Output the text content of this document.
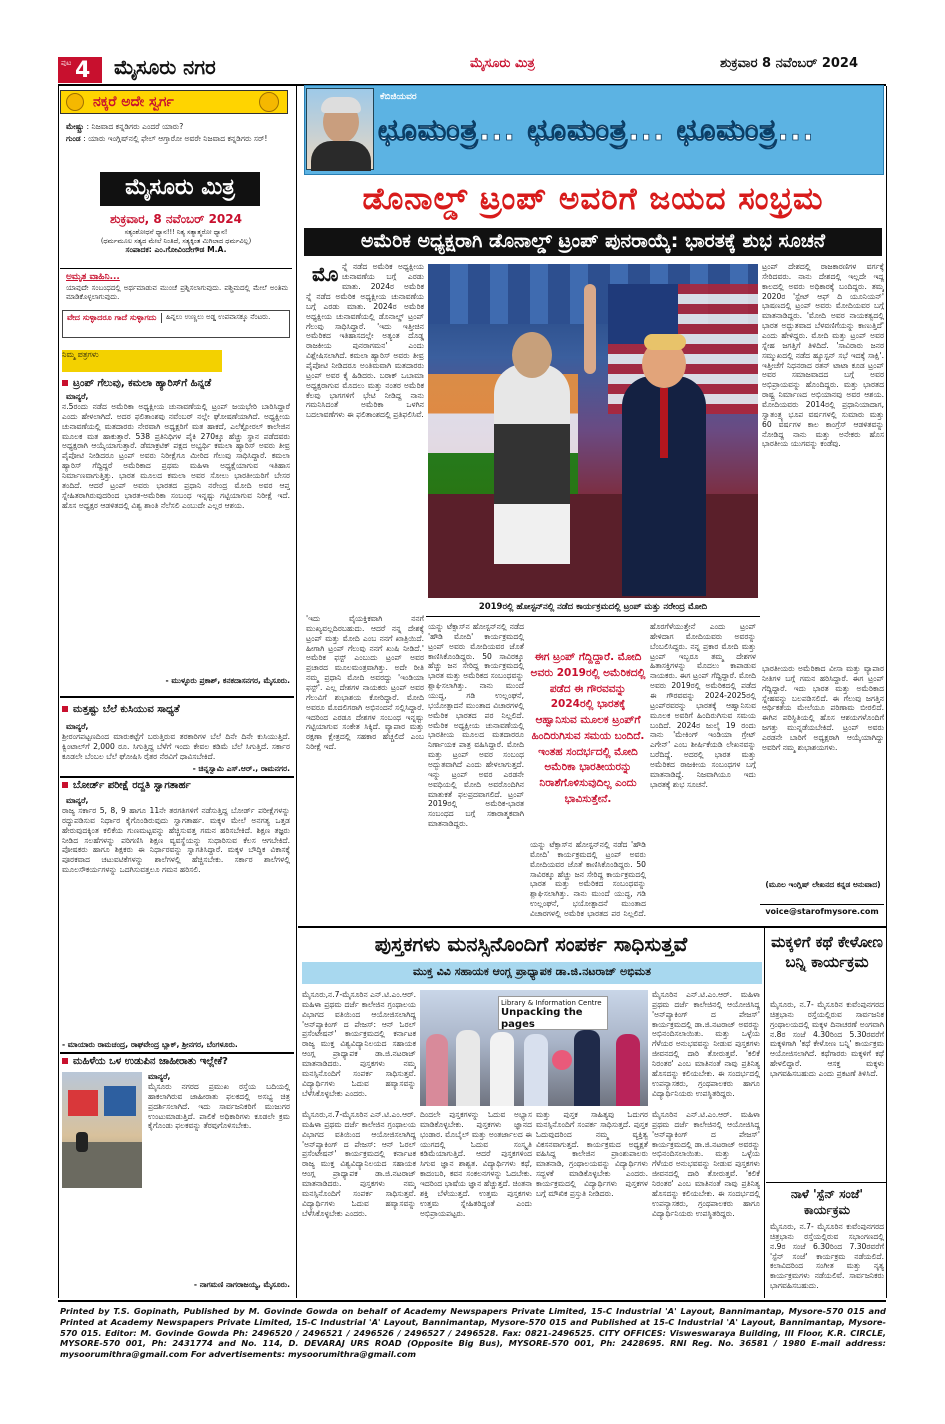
ಪುಟ 4 ಮೈಸೂರು ನಗರ	ಮೈಸೂರು ಮಿತ್ರ	ಶುಕ್ರವಾರ 8 ನವೆಂಬರ್ 2024
ನಕ್ಕರೆ ಅದೇ ಸ್ವರ್ಗ
ಮೇಷ್ಟ್ರು : ನಿಜವಾದ ಕನ್ನಡಿಗರು ಎಂದರೆ ಯಾರು?
ಗುಂಡ : ಯಾರು ಇಂಗ್ಲಿಷ್‌ನಲ್ಲಿ ಫೇಲ್ ಆಗ್ತಾರೋ ಅವರೇ ನಿಜವಾದ ಕನ್ನಡಿಗರು ಸರ್!
ಮೈಸೂರು ಮಿತ್ರ
ಶುಕ್ರವಾರ, 8 ನವೆಂಬರ್ 2024
ಸತ್ಯಂಶೋಧನೆ ಧ್ಯಾನ!!! ನಿತ್ಯ ಸತ್ಯಾತ್ಮರೋ ಧ್ಯಾನ!
(ಧರ್ಮಮೂಲ ಸತ್ಯದ ಮೇಲೆ ನಿಂತಿದೆ, ಸತ್ಯಕ್ಕಿಂತ ಮಿಗಿಲಾದ ಧರ್ಮವಿಲ್ಲ)
ಸಂಪಾದಕ: ಎಂ.ಗೋವಿಂದೇಗೌಡ M.A.
ಅಮೃತ ವಾಹಿನಿ...
ಯಾವುದೇ ಸಂಬಂಧದಲ್ಲಿ ಅರ್ಥಮಾಡುವ ಮುಂಚೆ ಪ್ರಶ್ನಿಸಲಾಗುವುದು. ಪಶ್ಚಿಮದಲ್ಲಿ ಮೇಲೆ ಅಂತಿಮ ಮಾಡಿಕೊಳ್ಳಲಾಗುವುದು.
ವೇದ ಸುಳ್ಳಾದರೂ ಗಾದೆ ಸುಳ್ಳಾಗದು	ಹಿನ್ನಲು ಉಣ್ಣಲು ಅಡ್ಡ ಉಪವಾಸಕ್ಕೂ ನೆಂಟರು.
ನಿಮ್ಮ ಪತ್ರಗಳು
ಟ್ರಂಪ್ ಗೆಲುವು, ಕಮಲಾ ಹ್ಯಾರಿಸ್‌ಗೆ ಹಿನ್ನಡೆ
ಮಾನ್ಯರೆ,
ನ.5ರಂದು ನಡೆದ ಅಮೆರಿಕಾ ಅಧ್ಯಕ್ಷೀಯ ಚುನಾವಣೆಯಲ್ಲಿ ಟ್ರಂಪ್ ಜಯಭೇರಿ ಬಾರಿಸಿದ್ದಾರೆ ಎಂದು ಹೇಳಲಾಗಿದೆ. ಅದರ ಫಲಿತಾಂಶವು ನವೆಂಬರ್ ನಲ್ಲೇ ಘೋಷಣೆಯಾಗಿದೆ. ಅಧ್ಯಕ್ಷೀಯ ಚುನಾವಣೆಯಲ್ಲಿ ಮತದಾರರು ನೇರವಾಗಿ ಅಧ್ಯಕ್ಷರಿಗೆ ಮತ ಹಾಕದೆ, ಎಲೆಕ್ಟೋರಲ್ ಕಾಲೇಜಿನ ಮೂಲಕ ಮತ ಹಾಕುತ್ತಾರೆ. 538 ಪ್ರತಿನಿಧಿಗಳ ಪೈಕಿ 270ಕ್ಕೂ ಹೆಚ್ಚು ಸ್ಥಾನ ಪಡೆದವರು ಅಧ್ಯಕ್ಷರಾಗಿ ಆಯ್ಕೆಯಾಗುತ್ತಾರೆ. ಡೆಮಾಕ್ರಟಿಕ್ ಪಕ್ಷದ ಅಭ್ಯರ್ಥಿ ಕಮಲಾ ಹ್ಯಾರಿಸ್ ಅವರು ತೀವ್ರ ಪೈಪೋಟಿ ನೀಡಿದರೂ ಟ್ರಂಪ್ ಅವರು ನಿರೀಕ್ಷೆಗೂ ಮೀರಿದ ಗೆಲುವು ಸಾಧಿಸಿದ್ದಾರೆ. ಕಮಲಾ ಹ್ಯಾರಿಸ್ ಗೆದ್ದಿದ್ದರೆ ಅಮೆರಿಕಾದ ಪ್ರಥಮ ಮಹಿಳಾ ಅಧ್ಯಕ್ಷೆಯಾಗುವ ಇತಿಹಾಸ ನಿರ್ಮಾಣವಾಗುತ್ತಿತ್ತು. ಭಾರತ ಮೂಲದ ಕಮಲಾ ಅವರ ಸೋಲು ಭಾರತೀಯರಿಗೆ ಬೇಸರ ತಂದಿದೆ. ಆದರೆ ಟ್ರಂಪ್ ಅವರು ಭಾರತದ ಪ್ರಧಾನಿ ನರೇಂದ್ರ ಮೋದಿ ಅವರ ಆಪ್ತ ಸ್ನೇಹಿತರಾಗಿರುವುದರಿಂದ ಭಾರತ-ಅಮೆರಿಕಾ ಸಂಬಂಧ ಇನ್ನಷ್ಟು ಗಟ್ಟಿಯಾಗುವ ನಿರೀಕ್ಷೆ ಇದೆ. ಹೊಸ ಅಧ್ಯಕ್ಷರ ಆಡಳಿತದಲ್ಲಿ ವಿಶ್ವ ಶಾಂತಿ ನೆಲೆಸಲಿ ಎಂಬುದೇ ಎಲ್ಲರ ಆಶಯ.
- ಮುಳ್ಳೂರು ಪ್ರಕಾಶ್, ಕನಕದಾಸನಗರ, ಮೈಸೂರು.
ಮತ್ತಷ್ಟು ಬೆಲೆ ಕುಸಿಯುವ ಸಾಧ್ಯತೆ
ಮಾನ್ಯರೆ,
ಶ್ರೀರಂಗಪಟ್ಟಣದಿಂದ ಮಾರುಕಟ್ಟೆಗೆ ಬರುತ್ತಿರುವ ತರಕಾರಿಗಳ ಬೆಲೆ ದಿನೇ ದಿನೇ ಕುಸಿಯುತ್ತಿದೆ. ಕ್ವಿಂಟಾಲ್‌ಗೆ 2,000 ರೂ. ಸಿಗುತ್ತಿದ್ದ ಬೆಳೆಗೆ ಇಂದು ಕೇವಲ ಕಡಿಮೆ ಬೆಲೆ ಸಿಗುತ್ತಿದೆ. ಸರ್ಕಾರ ಕೂಡಲೇ ಬೆಂಬಲ ಬೆಲೆ ಘೋಷಿಸಿ ರೈತರ ನೆರವಿಗೆ ಧಾವಿಸಬೇಕಿದೆ.
- ಚಿನ್ನಸ್ವಾಮಿ ಎಸ್.ಆರ್., ರಾಮನಗರ.
ಬೋರ್ಡ್ ಪರೀಕ್ಷೆ ರದ್ದತಿ ಸ್ವಾಗತಾರ್ಹ
ಮಾನ್ಯರೆ,
ರಾಜ್ಯ ಸರ್ಕಾರ 5, 8, 9 ಹಾಗೂ 11ನೇ ತರಗತಿಗಳಿಗೆ ನಡೆಸುತ್ತಿದ್ದ ಬೋರ್ಡ್ ಪರೀಕ್ಷೆಗಳನ್ನು ರದ್ದುಪಡಿಸುವ ನಿರ್ಧಾರ ಕೈಗೊಂಡಿರುವುದು ಸ್ವಾಗತಾರ್ಹ. ಮಕ್ಕಳ ಮೇಲೆ ಅನಗತ್ಯ ಒತ್ತಡ ಹೇರುವುದಕ್ಕಿಂತ ಕಲಿಕೆಯ ಗುಣಮಟ್ಟವನ್ನು ಹೆಚ್ಚಿಸುವತ್ತ ಗಮನ ಹರಿಸಬೇಕಿದೆ. ಶಿಕ್ಷಣ ತಜ್ಞರು ನೀಡಿದ ಸಲಹೆಗಳನ್ನು ಪರಿಗಣಿಸಿ ಶಿಕ್ಷಣ ವ್ಯವಸ್ಥೆಯನ್ನು ಸುಧಾರಿಸುವ ಕೆಲಸ ಆಗಬೇಕಿದೆ. ಪೋಷಕರು ಹಾಗೂ ಶಿಕ್ಷಕರು ಈ ನಿರ್ಧಾರವನ್ನು ಸ್ವಾಗತಿಸಿದ್ದಾರೆ. ಮಕ್ಕಳ ಬೌದ್ಧಿಕ ವಿಕಾಸಕ್ಕೆ ಪೂರಕವಾದ ಚಟುವಟಿಕೆಗಳನ್ನು ಶಾಲೆಗಳಲ್ಲಿ ಹೆಚ್ಚಿಸಬೇಕು. ಸರ್ಕಾರ ಶಾಲೆಗಳಲ್ಲಿ ಮೂಲಸೌಕರ್ಯಗಳನ್ನು ಒದಗಿಸುವತ್ತಲೂ ಗಮನ ಹರಿಸಲಿ.
- ಮಾಯಾರು ರಾಮಚಂದ್ರ, ರಾಘವೇಂದ್ರ ಬ್ಲಾಕ್, ಶ್ರೀನಗರ, ಬೆಂಗಳೂರು.
ಮಹಿಳೆಯ ಒಳ ಉಡುಪಿನ ಜಾಹೀರಾತು ಇಲ್ಲೇಕೆ?
ಮಾನ್ಯರೆ,
ಮೈಸೂರು ನಗರದ ಪ್ರಮುಖ ರಸ್ತೆಯ ಬದಿಯಲ್ಲಿ ಹಾಕಲಾಗಿರುವ ಜಾಹೀರಾತು ಫಲಕದಲ್ಲಿ ಅಸಭ್ಯ ಚಿತ್ರ ಪ್ರದರ್ಶಿಸಲಾಗಿದೆ. ಇದು ಸಾರ್ವಜನಿಕರಿಗೆ ಮುಜುಗರ ಉಂಟುಮಾಡುತ್ತಿದೆ. ಪಾಲಿಕೆ ಅಧಿಕಾರಿಗಳು ಕೂಡಲೇ ಕ್ರಮ ಕೈಗೊಂಡು ಫಲಕವನ್ನು ತೆರವುಗೊಳಿಸಬೇಕು.
- ನಾಗಮಣಿ ನಾಗರಾಜಯ್ಯ, ಮೈಸೂರು.
ಕೆಬಿಜಿಯವರ
ಛೂಮಂತ್ರ... ಛೂಮಂತ್ರ... ಛೂಮಂತ್ರ...
ಡೊನಾಲ್ಡ್ ಟ್ರಂಪ್ ಅವರಿಗೆ ಜಯದ ಸಂಭ್ರಮ
ಅಮೆರಿಕ ಅಧ್ಯಕ್ಷರಾಗಿ ಡೊನಾಲ್ಡ್ ಟ್ರಂಪ್ ಪುನರಾಯ್ಕೆ: ಭಾರತಕ್ಕೆ ಶುಭ ಸೂಚನೆ
ಮೊ ನ್ನೆ ನಡೆದ ಅಮೆರಿಕ ಅಧ್ಯಕ್ಷೀಯ ಚುನಾವಣೆಯ ಬಗ್ಗೆ ಎರಡು ಮಾತು. 2024ರ ಅಮೆರಿಕ
ನ್ನೆ ನಡೆದ ಅಮೆರಿಕ ಅಧ್ಯಕ್ಷೀಯ ಚುನಾವಣೆಯ ಬಗ್ಗೆ ಎರಡು ಮಾತು. 2024ರ ಅಮೆರಿಕ ಅಧ್ಯಕ್ಷೀಯ ಚುನಾವಣೆಯಲ್ಲಿ ಡೊನಾಲ್ಡ್ ಟ್ರಂಪ್ ಗೆಲುವು ಸಾಧಿಸಿದ್ದಾರೆ. 'ಇದು ಇತ್ತೀಚಿನ ಅಮೆರಿಕದ ಇತಿಹಾಸದಲ್ಲೇ ಅತ್ಯಂತ ದೊಡ್ಡ ರಾಜಕೀಯ ಪುನರಾಗಮನ' ಎಂದು ವಿಶ್ಲೇಷಿಸಲಾಗಿದೆ. ಕಮಲಾ ಹ್ಯಾರಿಸ್ ಅವರು ತೀವ್ರ ಪೈಪೋಟಿ ನೀಡಿದರೂ ಅಂತಿಮವಾಗಿ ಮತದಾರರು ಟ್ರಂಪ್ ಅವರ ಕೈ ಹಿಡಿದರು. ಬರಾಕ್ ಒಬಾಮಾ ಅಧ್ಯಕ್ಷರಾಗುವ ಮೊದಲು ಮತ್ತು ನಂತರ ಅಮೆರಿಕ ಕೆಲವು ಭಾಗಗಳಿಗೆ ಭೇಟಿ ನೀಡಿದ್ದ ನಾನು ಗಮನಿಸಿದಂತೆ ಅಮೆರಿಕಾ ಒಳಗಿನ ಬದಲಾವಣೆಗಳು ಈ ಫಲಿತಾಂಶದಲ್ಲಿ ಪ್ರತಿಫಲಿಸಿವೆ.
'ಇದು ವೈಯಕ್ತಿಕವಾಗಿ ನನಗೆ ಮುಖ್ಯವಲ್ಲದಿರಬಹುದು. ಆದರೆ ನನ್ನ ದೇಶಕ್ಕೆ ಟ್ರಂಪ್ ಮತ್ತು ಮೋದಿ ಎಂಬ ನನಗೆ ಖಾತ್ರಿಯಿದೆ. ಹೀಗಾಗಿ ಟ್ರಂಪ್ ಗೆಲುವು ನನಗೆ ಖುಷಿ ನೀಡಿದೆ.' ಅಮೆರಿಕ ಫಸ್ಟ್ ಎಂಬುದು ಟ್ರಂಪ್ ಅವರ ಪ್ರಚಾರದ ಮೂಲಮಂತ್ರವಾಗಿತ್ತು. ಅದೇ ರೀತಿ ನಮ್ಮ ಪ್ರಧಾನಿ ಮೋದಿ ಅವರದ್ದು 'ಇಂಡಿಯಾ ಫಸ್ಟ್'. ಎಲ್ಲ ದೇಶಗಳ ನಾಯಕರು ಟ್ರಂಪ್ ಅವರ ಗೆಲುವಿಗೆ ಶುಭಾಶಯ ಕೋರಿದ್ದಾರೆ. ಮೋದಿ ಅವರೂ ಮೊದಲಿಗರಾಗಿ ಅಭಿನಂದನೆ ಸಲ್ಲಿಸಿದ್ದಾರೆ. ಇದರಿಂದ ಎರಡೂ ದೇಶಗಳ ಸಂಬಂಧ ಇನ್ನಷ್ಟು ಗಟ್ಟಿಯಾಗುವ ಸಂಕೇತ ಸಿಕ್ಕಿದೆ. ವ್ಯಾಪಾರ ಮತ್ತು ರಕ್ಷಣಾ ಕ್ಷೇತ್ರದಲ್ಲಿ ಸಹಕಾರ ಹೆಚ್ಚಲಿದೆ ಎಂಬ ನಿರೀಕ್ಷೆ ಇದೆ.
2019ರಲ್ಲಿ ಹೋಸ್ಟನ್‌ನಲ್ಲಿ ನಡೆದ ಕಾರ್ಯಕ್ರಮದಲ್ಲಿ ಟ್ರಂಪ್ ಮತ್ತು ನರೇಂದ್ರ ಮೋದಿ
ಯನ್ನು ಟೆಕ್ಸಾಸ್‌ನ ಹೋಸ್ಟನ್‌ನಲ್ಲಿ ನಡೆದ 'ಹೌಡಿ ಮೋದಿ' ಕಾರ್ಯಕ್ರಮದಲ್ಲಿ ಟ್ರಂಪ್ ಅವರು ಮೋದಿಯವರ ಜೊತೆ ಕಾಣಿಸಿಕೊಂಡಿದ್ದರು. 50 ಸಾವಿರಕ್ಕೂ ಹೆಚ್ಚು ಜನ ಸೇರಿದ್ದ ಕಾರ್ಯಕ್ರಮದಲ್ಲಿ ಭಾರತ ಮತ್ತು ಅಮೆರಿಕದ ಸಂಬಂಧವನ್ನು ಶ್ಲಾಘಿಸಲಾಗಿತ್ತು. ನಾನು ಮುಂದೆ ಯುದ್ಧ, ಗಡಿ ಉಲ್ಲಂಘನೆ, ಭಯೋತ್ಪಾದನೆ ಮುಂತಾದ ವಿಚಾರಗಳಲ್ಲಿ ಅಮೆರಿಕ ಭಾರತದ ಪರ ನಿಲ್ಲಲಿದೆ. ಅಮೆರಿಕ ಅಧ್ಯಕ್ಷೀಯ ಚುನಾವಣೆಯಲ್ಲಿ ಭಾರತೀಯ ಮೂಲದ ಮತದಾರರೂ ನಿರ್ಣಾಯಕ ಪಾತ್ರ ವಹಿಸಿದ್ದಾರೆ. ಮೋದಿ ಮತ್ತು ಟ್ರಂಪ್ ಅವರ ಸಂಬಂಧ ಅದ್ಭುತವಾಗಿದೆ ಎಂದು ಹೇಳಲಾಗುತ್ತದೆ. ಇನ್ನು ಟ್ರಂಪ್ ಅವರ ಎರಡನೇ ಅವಧಿಯಲ್ಲಿ ಮೋದಿ ಅವರೊಂದಿಗಿನ ಮಾತುಕತೆ ಫಲಪ್ರದವಾಗಲಿದೆ. ಟ್ರಂಪ್ 2019ರಲ್ಲಿ ಅಮೆರಿಕ-ಭಾರತ ಸಂಬಂಧದ ಬಗ್ಗೆ ಸಕಾರಾತ್ಮಕವಾಗಿ ಮಾತನಾಡಿದ್ದರು.
ಈಗ ಟ್ರಂಪ್ ಗೆದ್ದಿದ್ದಾರೆ. ಮೋದಿ ಅವರು 2019ರಲ್ಲಿ ಅಮೆರಿಕದಲ್ಲಿ ಪಡೆದ ಈ ಗೌರವವನ್ನು 2024ರಲ್ಲಿ ಭಾರತಕ್ಕೆ ಆಹ್ವಾನಿಸುವ ಮೂಲಕ ಟ್ರಂಪ್‌ಗೆ ಹಿಂದಿರುಗಿಸುವ ಸಮಯ ಬಂದಿದೆ. ಇಂತಹ ಸಂದರ್ಭದಲ್ಲಿ ಮೋದಿ ಅಮೆರಿಕಾ ಭಾರತೀಯರನ್ನು ನಿರಾಶೆಗೊಳಿಸುವುದಿಲ್ಲ ಎಂದು ಭಾವಿಸುತ್ತೇನೆ.
ಯನ್ನು ಟೆಕ್ಸಾಸ್‌ನ ಹೋಸ್ಟನ್‌ನಲ್ಲಿ ನಡೆದ 'ಹೌಡಿ ಮೋದಿ' ಕಾರ್ಯಕ್ರಮದಲ್ಲಿ ಟ್ರಂಪ್ ಅವರು ಮೋದಿಯವರ ಜೊತೆ ಕಾಣಿಸಿಕೊಂಡಿದ್ದರು. 50 ಸಾವಿರಕ್ಕೂ ಹೆಚ್ಚು ಜನ ಸೇರಿದ್ದ ಕಾರ್ಯಕ್ರಮದಲ್ಲಿ ಭಾರತ ಮತ್ತು ಅಮೆರಿಕದ ಸಂಬಂಧವನ್ನು ಶ್ಲಾಘಿಸಲಾಗಿತ್ತು. ನಾನು ಮುಂದೆ ಯುದ್ಧ, ಗಡಿ ಉಲ್ಲಂಘನೆ, ಭಯೋತ್ಪಾದನೆ ಮುಂತಾದ ವಿಚಾರಗಳಲ್ಲಿ ಅಮೆರಿಕ ಭಾರತದ ಪರ ನಿಲ್ಲಲಿದೆ.
ಹೊರಗೆಳೆಯುತ್ತೇನೆ ಎಂದು ಟ್ರಂಪ್ ಹೇಳಿದಾಗ ಮೋದಿಯವರು ಅವರನ್ನು ಬೆಂಬಲಿಸಿದ್ದರು. ನನ್ನ ಪ್ರಕಾರ ಮೋದಿ ಮತ್ತು ಟ್ರಂಪ್ ಇಬ್ಬರೂ ತಮ್ಮ ದೇಶಗಳ ಹಿತಾಸಕ್ತಿಗಳನ್ನು ಮೊದಲು ಕಾಪಾಡುವ ನಾಯಕರು. ಈಗ ಟ್ರಂಪ್ ಗೆದ್ದಿದ್ದಾರೆ. ಮೋದಿ ಅವರು 2019ರಲ್ಲಿ ಅಮೆರಿಕದಲ್ಲಿ ಪಡೆದ ಈ ಗೌರವವನ್ನು 2024-2025ರಲ್ಲಿ ಟ್ರಂಪ್‌ರವರನ್ನು ಭಾರತಕ್ಕೆ ಆಹ್ವಾನಿಸುವ ಮೂಲಕ ಅವರಿಗೆ ಹಿಂದಿರುಗಿಸುವ ಸಮಯ ಬಂದಿದೆ. 2024ರ ಜುಲೈ 19 ರಂದು ನಾನು 'ಮೇಕಿಂಗ್ ಇಂಡಿಯಾ ಗ್ರೇಟ್ ಎಗೇನ್' ಎಂಬ ಶೀರ್ಷಿಕೆಯಡಿ ಲೇಖನವನ್ನು ಬರೆದಿದ್ದೆ. ಅದರಲ್ಲಿ ಭಾರತ ಮತ್ತು ಅಮೆರಿಕದ ರಾಜಕೀಯ ಸಂಬಂಧಗಳ ಬಗ್ಗೆ ಮಾತನಾಡಿದ್ದೆ. ನಿಜವಾಗಿಯೂ ಇದು ಭಾರತಕ್ಕೆ ಶುಭ ಸೂಚನೆ.
ಟ್ರಂಪ್ ದೇಶದಲ್ಲಿ ರಾಜಕಾರಣಿಗಳ ವರ್ಗಕ್ಕೆ ಸೇರಿದವರು. ನಾನು ದೇಶದಲ್ಲಿ ಇಲ್ಲದೇ ಇದ್ದ ಕಾಲದಲ್ಲಿ ಅವರು ಅಧಿಕಾರಕ್ಕೆ ಬಂದಿದ್ದರು. ತಮ್ಮ 2020ರ 'ಸ್ಟೇಟ್ ಆಫ್ ದಿ ಯೂನಿಯನ್' ಭಾಷಣದಲ್ಲಿ ಟ್ರಂಪ್ ಅವರು ಮೋದಿಯವರ ಬಗ್ಗೆ ಮಾತನಾಡಿದ್ದರು. 'ಮೋದಿ ಅವರ ನಾಯಕತ್ವದಲ್ಲಿ ಭಾರತ ಅದ್ಭುತವಾದ ಬೆಳವಣಿಗೆಯನ್ನು ಕಾಣುತ್ತಿದೆ' ಎಂದು ಹೇಳಿದ್ದರು. ಮೋದಿ ಮತ್ತು ಟ್ರಂಪ್ ಅವರ ಸ್ನೇಹ ಜಗತ್ತಿಗೆ ತಿಳಿದಿದೆ. 'ಸಾವಿರಾರು ಜನರ ಸಮ್ಮುಖದಲ್ಲಿ ನಡೆದ ಹ್ಯೂಸ್ಟನ್ ಸಭೆ ಇದಕ್ಕೆ ಸಾಕ್ಷಿ'. ಇತ್ತೀಚೆಗೆ ನಿಧನರಾದ ರತನ್ ಟಾಟಾ ಕೂಡ ಟ್ರಂಪ್ ಅವರ ಸಮಾಜವಾದದ ಬಗ್ಗೆ ಅವರ ಅಭಿಪ್ರಾಯವನ್ನು ಹೊಂದಿದ್ದರು. ಮತ್ತು ಭಾರತದ ರಾಷ್ಟ್ರ ನಿರ್ಮಾಣದ ಅಭಿಯಾನವು ಅವರ ಆಶಯ. ಮೋದಿಯವರು 2014ರಲ್ಲಿ ಪ್ರಧಾನಿಯಾದಾಗ, ಸ್ವಾತಂತ್ರ್ಯ ಭೂಪ ವರ್ಷಗಳಲ್ಲಿ ಸುಮಾರು ಮತ್ತು 60 ವರ್ಷಗಳ ಕಾಲ ಕಾಂಗ್ರೆಸ್ ಆಡಳಿತವನ್ನು ನೋಡಿದ್ದ ನಾನು ಮತ್ತು ಅನೇಕರು ಹೊಸ ಭಾರತೀಯ ಯುಗವನ್ನು ಕಂಡೆವು.
ಭಾರತೀಯರು ಅಮೆರಿಕಾದ ವೀಸಾ ಮತ್ತು ವ್ಯಾಪಾರ ನೀತಿಗಳ ಬಗ್ಗೆ ಗಮನ ಹರಿಸಿದ್ದಾರೆ. ಈಗ ಟ್ರಂಪ್ ಗೆದ್ದಿದ್ದಾರೆ. ಇದು ಭಾರತ ಮತ್ತು ಅಮೆರಿಕಾದ ಸ್ನೇಹವನ್ನು ಬಲಪಡಿಸಲಿದೆ. ಈ ಗೆಲುವು ಜಗತ್ತಿನ ಆರ್ಥಿಕತೆಯ ಮೇಲೆಯೂ ಪರಿಣಾಮ ಬೀರಲಿದೆ. ಈಗಿನ ಪರಿಸ್ಥಿತಿಯಲ್ಲಿ ಹೊಸ ಆಶಯಗಳೊಂದಿಗೆ ಜಗತ್ತು ಮುನ್ನಡೆಯಬೇಕಿದೆ. ಟ್ರಂಪ್ ಅವರು ಎರಡನೇ ಬಾರಿಗೆ ಅಧ್ಯಕ್ಷರಾಗಿ ಆಯ್ಕೆಯಾಗಿದ್ದು ಅವರಿಗೆ ನಮ್ಮ ಶುಭಾಶಯಗಳು.
(ಮೂಲ ಇಂಗ್ಲಿಷ್ ಲೇಖನದ ಕನ್ನಡ ಅನುವಾದ)
voice@starofmysore.com
ಪುಸ್ತಕಗಳು ಮನಸ್ಸಿನೊಂದಿಗೆ ಸಂಪರ್ಕ ಸಾಧಿಸುತ್ತವೆ
ಮುಕ್ತ ವಿವಿ ಸಹಾಯಕ ಆಂಗ್ಲ ಪ್ರಾಧ್ಯಾಪಕ ಡಾ.ಜಿ.ನಟರಾಜ್ ಅಭಿಮತ
ಮೈಸೂರು,ನ.7-ಮೈಸೂರಿನ ಎನ್.ಟಿ.ಎಂ.ಆರ್. ಮಹಿಳಾ ಪ್ರಥಮ ದರ್ಜೆ ಕಾಲೇಜಿನ ಗ್ರಂಥಾಲಯ ವಿಭಾಗದ ವತಿಯಿಂದ ಆಯೋಜಿಸಲಾಗಿದ್ದ 'ಅನ್‌ಪ್ಯಾಕಿಂಗ್ ದ ಪೇಜಸ್: ಆನ್ ಓರಲ್ ಪ್ರಸೆಂಟೇಷನ್' ಕಾರ್ಯಕ್ರಮದಲ್ಲಿ ಕರ್ನಾಟಕ ರಾಜ್ಯ ಮುಕ್ತ ವಿಶ್ವವಿದ್ಯಾನಿಲಯದ ಸಹಾಯಕ ಆಂಗ್ಲ ಪ್ರಾಧ್ಯಾಪಕ ಡಾ.ಜಿ.ನಟರಾಜ್ ಮಾತನಾಡಿದರು. ಪುಸ್ತಕಗಳು ನಮ್ಮ ಮನಸ್ಸಿನೊಂದಿಗೆ ಸಂಪರ್ಕ ಸಾಧಿಸುತ್ತವೆ. ವಿದ್ಯಾರ್ಥಿಗಳು ಓದುವ ಹವ್ಯಾಸವನ್ನು ಬೆಳೆಸಿಕೊಳ್ಳಬೇಕು ಎಂದರು.
Library & Information Centre
Unpacking the pages
ಮೈಸೂರಿನ ಎನ್.ಟಿ.ಎಂ.ಆರ್. ಮಹಿಳಾ ಪ್ರಥಮ ದರ್ಜೆ ಕಾಲೇಜಿನಲ್ಲಿ ಆಯೋಜಿಸಿದ್ದ 'ಅನ್‌ಪ್ಯಾಕಿಂಗ್ ದ ಪೇಜಸ್' ಕಾರ್ಯಕ್ರಮದಲ್ಲಿ ಡಾ.ಜಿ.ನಟರಾಜ್ ಅವರನ್ನು ಅಭಿನಂದಿಸಲಾಯಿತು. ಮತ್ತು ಒಳ್ಳೆಯ ಗೆಳೆಯರ ಅನುಭವವನ್ನು ನೀಡುವ ಪುಸ್ತಕಗಳು ಜೀವನದಲ್ಲಿ ದಾರಿ ತೋರುತ್ತವೆ. 'ಕಲಿಕೆ ನಿರಂತರ' ಎಂಬ ಮಾತಿನಂತೆ ನಾವು ಪ್ರತಿನಿತ್ಯ ಹೊಸದನ್ನು ಕಲಿಯಬೇಕು. ಈ ಸಂದರ್ಭದಲ್ಲಿ ಉಪನ್ಯಾಸಕರು, ಗ್ರಂಥಪಾಲಕರು ಹಾಗೂ ವಿದ್ಯಾರ್ಥಿನಿಯರು ಉಪಸ್ಥಿತರಿದ್ದರು.
ಮೈಸೂರು,ನ.7-ಮೈಸೂರಿನ ಎನ್.ಟಿ.ಎಂ.ಆರ್. ಮಹಿಳಾ ಪ್ರಥಮ ದರ್ಜೆ ಕಾಲೇಜಿನ ಗ್ರಂಥಾಲಯ ವಿಭಾಗದ ವತಿಯಿಂದ ಆಯೋಜಿಸಲಾಗಿದ್ದ 'ಅನ್‌ಪ್ಯಾಕಿಂಗ್ ದ ಪೇಜಸ್: ಆನ್ ಓರಲ್ ಪ್ರಸೆಂಟೇಷನ್' ಕಾರ್ಯಕ್ರಮದಲ್ಲಿ ಕರ್ನಾಟಕ ರಾಜ್ಯ ಮುಕ್ತ ವಿಶ್ವವಿದ್ಯಾನಿಲಯದ ಸಹಾಯಕ ಆಂಗ್ಲ ಪ್ರಾಧ್ಯಾಪಕ ಡಾ.ಜಿ.ನಟರಾಜ್ ಮಾತನಾಡಿದರು. ಪುಸ್ತಕಗಳು ನಮ್ಮ ಮನಸ್ಸಿನೊಂದಿಗೆ ಸಂಪರ್ಕ ಸಾಧಿಸುತ್ತವೆ. ವಿದ್ಯಾರ್ಥಿಗಳು ಓದುವ ಹವ್ಯಾಸವನ್ನು ಬೆಳೆಸಿಕೊಳ್ಳಬೇಕು ಎಂದರು.
ದಿಂದಲೇ ಪುಸ್ತಕಗಳನ್ನು ಓದುವ ಅಭ್ಯಾಸ ಮಾಡಿಕೊಳ್ಳಬೇಕು. ಪುಸ್ತಕಗಳು ಜ್ಞಾನದ ಭಂಡಾರ. ಮೊಬೈಲ್ ಮತ್ತು ಅಂತರ್ಜಾಲದ ಈ ಯುಗದಲ್ಲಿ ಓದುವ ಸಂಸ್ಕೃತಿ ಕಡಿಮೆಯಾಗುತ್ತಿದೆ. ಆದರೆ ಪುಸ್ತಕಗಳಿಂದ ಸಿಗುವ ಜ್ಞಾನ ಶಾಶ್ವತ. ವಿದ್ಯಾರ್ಥಿಗಳು ಕಥೆ, ಕಾದಂಬರಿ, ಕವನ ಸಂಕಲನಗಳನ್ನು ಓದಬೇಕು. ಇದರಿಂದ ಭಾಷೆಯ ಜ್ಞಾನ ಹೆಚ್ಚುತ್ತದೆ. ಚಿಂತನಾ ಶಕ್ತಿ ಬೆಳೆಯುತ್ತದೆ. ಉತ್ತಮ ಪುಸ್ತಕಗಳು ಉತ್ತಮ ಸ್ನೇಹಿತರಿದ್ದಂತೆ ಎಂದು ಅಭಿಪ್ರಾಯಪಟ್ಟರು.
ಮತ್ತು ಪುಸ್ತಕ ಸಾಹಿತ್ಯವು ಓದುಗರ ಮನಸ್ಸಿನೊಂದಿಗೆ ಸಂಪರ್ಕ ಸಾಧಿಸುತ್ತದೆ. ಪುಸ್ತಕ ಓದುವುದರಿಂದ ನಮ್ಮ ವ್ಯಕ್ತಿತ್ವ ವಿಕಸನವಾಗುತ್ತದೆ. ಕಾರ್ಯಕ್ರಮದ ಅಧ್ಯಕ್ಷತೆ ವಹಿಸಿದ್ದ ಕಾಲೇಜಿನ ಪ್ರಾಂಶುಪಾಲರು ಮಾತನಾಡಿ, ಗ್ರಂಥಾಲಯವನ್ನು ವಿದ್ಯಾರ್ಥಿಗಳು ಸದ್ಬಳಕೆ ಮಾಡಿಕೊಳ್ಳಬೇಕು ಎಂದರು. ಕಾರ್ಯಕ್ರಮದಲ್ಲಿ ವಿದ್ಯಾರ್ಥಿಗಳು ಪುಸ್ತಕಗಳ ಬಗ್ಗೆ ಮೌಖಿಕ ಪ್ರಸ್ತುತಿ ನೀಡಿದರು.
ಮೈಸೂರಿನ ಎನ್.ಟಿ.ಎಂ.ಆರ್. ಮಹಿಳಾ ಪ್ರಥಮ ದರ್ಜೆ ಕಾಲೇಜಿನಲ್ಲಿ ಆಯೋಜಿಸಿದ್ದ 'ಅನ್‌ಪ್ಯಾಕಿಂಗ್ ದ ಪೇಜಸ್' ಕಾರ್ಯಕ್ರಮದಲ್ಲಿ ಡಾ.ಜಿ.ನಟರಾಜ್ ಅವರನ್ನು ಅಭಿನಂದಿಸಲಾಯಿತು. ಮತ್ತು ಒಳ್ಳೆಯ ಗೆಳೆಯರ ಅನುಭವವನ್ನು ನೀಡುವ ಪುಸ್ತಕಗಳು ಜೀವನದಲ್ಲಿ ದಾರಿ ತೋರುತ್ತವೆ. 'ಕಲಿಕೆ ನಿರಂತರ' ಎಂಬ ಮಾತಿನಂತೆ ನಾವು ಪ್ರತಿನಿತ್ಯ ಹೊಸದನ್ನು ಕಲಿಯಬೇಕು. ಈ ಸಂದರ್ಭದಲ್ಲಿ ಉಪನ್ಯಾಸಕರು, ಗ್ರಂಥಪಾಲಕರು ಹಾಗೂ ವಿದ್ಯಾರ್ಥಿನಿಯರು ಉಪಸ್ಥಿತರಿದ್ದರು.
ಮಕ್ಕಳಿಗೆ ಕಥೆ ಕೇಳೋಣ ಬನ್ನಿ ಕಾರ್ಯಕ್ರಮ
ಮೈಸೂರು, ನ.7- ಮೈಸೂರಿನ ಕುವೆಂಪುನಗರದ ಚಿತ್ರಭಾನು ರಸ್ತೆಯಲ್ಲಿರುವ ಸಾರ್ವಜನಿಕ ಗ್ರಂಥಾಲಯದಲ್ಲಿ ಮಕ್ಕಳ ದಿನಾಚರಣೆ ಅಂಗವಾಗಿ ನ.8ರ ಸಂಜೆ 4.30ರಿಂದ 5.30ರವರೆಗೆ ಮಕ್ಕಳಿಗಾಗಿ 'ಕಥೆ ಕೇಳೋಣ ಬನ್ನಿ' ಕಾರ್ಯಕ್ರಮ ಆಯೋಜಿಸಲಾಗಿದೆ. ಕಥೆಗಾರರು ಮಕ್ಕಳಿಗೆ ಕಥೆ ಹೇಳಲಿದ್ದಾರೆ. ಆಸಕ್ತ ಮಕ್ಕಳು ಭಾಗವಹಿಸಬಹುದು ಎಂದು ಪ್ರಕಟಣೆ ತಿಳಿಸಿದೆ.
ನಾಳೆ 'ಸ್ಪೆನ್ ಸಂಜೆ' ಕಾರ್ಯಕ್ರಮ
ಮೈಸೂರು, ನ.7- ಮೈಸೂರಿನ ಕುವೆಂಪುನಗರದ ಚಿತ್ರಭಾನು ರಸ್ತೆಯಲ್ಲಿರುವ ಸಭಾಂಗಣದಲ್ಲಿ ನ.9ರ ಸಂಜೆ 6.30ರಿಂದ 7.30ರವರೆಗೆ 'ಸ್ಪೆನ್ ಸಂಜೆ' ಕಾರ್ಯಕ್ರಮ ನಡೆಯಲಿದೆ. ಕಲಾವಿದರಿಂದ ಸಂಗೀತ ಮತ್ತು ನೃತ್ಯ ಕಾರ್ಯಕ್ರಮಗಳು ನಡೆಯಲಿವೆ. ಸಾರ್ವಜನಿಕರು ಭಾಗವಹಿಸಬಹುದು.
Printed by T.S. Gopinath, Published by M. Govinde Gowda on behalf of Academy Newspapers Private Limited, 15-C Industrial 'A' Layout, Bannimantap, Mysore-570 015 and Printed at Academy Newspapers Private Limited, 15-C Industrial 'A' Layout, Bannimantap, Mysore-570 015 and Published at 15-C Industrial 'A' Layout, Bannimantap, Mysore-570 015. Editor: M. Govinde Gowda Ph: 2496520 / 2496521 / 2496526 / 2496527 / 2496528. Fax: 0821-2496525. CITY OFFICES: Visweswaraya Building, III Floor, K.R. CIRCLE, MYSORE-570 001, Ph: 2431774 and No. 114, D. DEVARAJ URS ROAD (Opposite Big Bus), MYSORE-570 001, Ph: 2428695. RNI Reg. No. 36581 / 1980 E-mail address: mysoorumithra@gmail.com For advertisements: mysoorumithra@gmail.com
